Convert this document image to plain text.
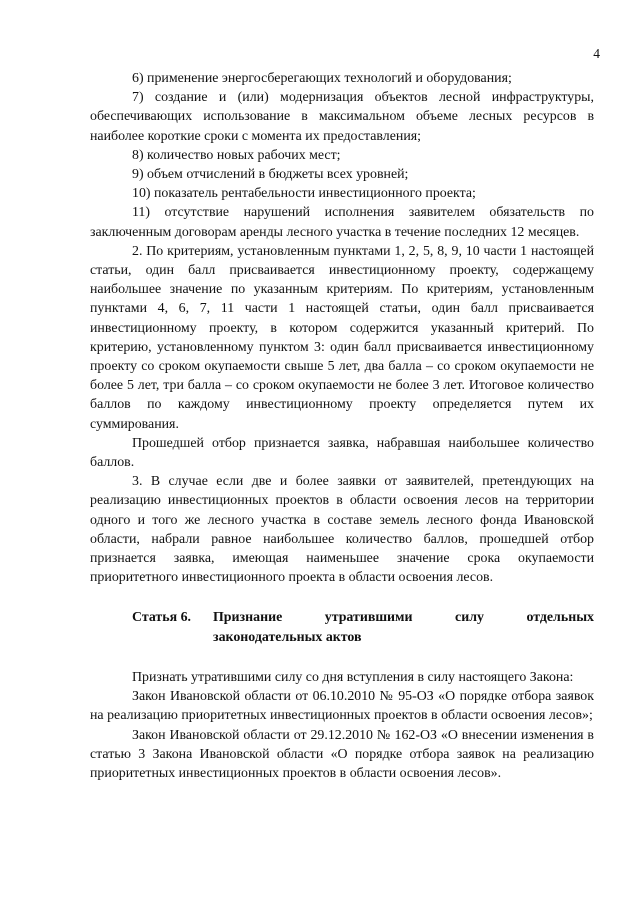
4

6) применение энергосберегающих технологий и оборудования;

7) создание и (или) модернизация объектов лесной инфраструктуры, обеспечивающих использование в максимальном объеме лесных ресурсов в наиболее короткие сроки с момента их предоставления;

8) количество новых рабочих мест;

9) объем отчислений в бюджеты всех уровней;

10) показатель рентабельности инвестиционного проекта;

11) отсутствие нарушений исполнения заявителем обязательств по заключенным договорам аренды лесного участка в течение последних 12 месяцев.

2. По критериям, установленным пунктами 1, 2, 5, 8, 9, 10 части 1 настоящей статьи, один балл присваивается инвестиционному проекту, содержащему наибольшее значение по указанным критериям. По критериям, установленным пунктами 4, 6, 7, 11 части 1 настоящей статьи, один балл присваивается инвестиционному проекту, в котором содержится указанный критерий. По критерию, установленному пунктом 3: один балл присваивается инвестиционному проекту со сроком окупаемости свыше 5 лет, два балла – со сроком окупаемости не более 5 лет, три балла – со сроком окупаемости не более 3 лет. Итоговое количество баллов по каждому инвестиционному проекту определяется путем их суммирования.

Прошедшей отбор признается заявка, набравшая наибольшее количество баллов.

3. В случае если две и более заявки от заявителей, претендующих на реализацию инвестиционных проектов в области освоения лесов на территории одного и того же лесного участка в составе земель лесного фонда Ивановской области, набрали равное наибольшее количество баллов, прошедшей отбор признается заявка, имеющая наименьшее значение срока окупаемости приоритетного инвестиционного проекта в области освоения лесов.

Статья 6.	Признание утратившими силу отдельных
законодательных актов

Признать утратившими силу со дня вступления в силу настоящего Закона:

Закон Ивановской области от 06.10.2010 № 95-ОЗ «О порядке отбора заявок на реализацию приоритетных инвестиционных проектов в области освоения лесов»;

Закон Ивановской области от 29.12.2010 № 162-ОЗ «О внесении изменения в статью 3 Закона Ивановской области «О порядке отбора заявок на реализацию приоритетных инвестиционных проектов в области освоения лесов».
